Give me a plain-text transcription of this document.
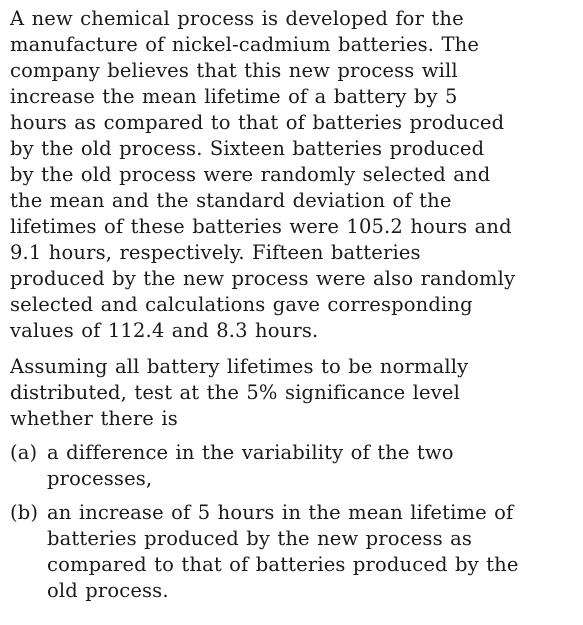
A new chemical process is developed for the
manufacture of nickel-cadmium batteries. The
company believes that this new process will
increase the mean lifetime of a battery by 5
hours as compared to that of batteries produced
by the old process. Sixteen batteries produced
by the old process were randomly selected and
the mean and the standard deviation of the
lifetimes of these batteries were 105.2 hours and
9.1 hours, respectively. Fifteen batteries
produced by the new process were also randomly
selected and calculations gave corresponding
values of 112.4 and 8.3 hours.

Assuming all battery lifetimes to be normally
distributed, test at the 5% significance level
whether there is

(a) a difference in the variability of the two
processes,
(b) an increase of 5 hours in the mean lifetime of
batteries produced by the new process as
compared to that of batteries produced by the
old process.
